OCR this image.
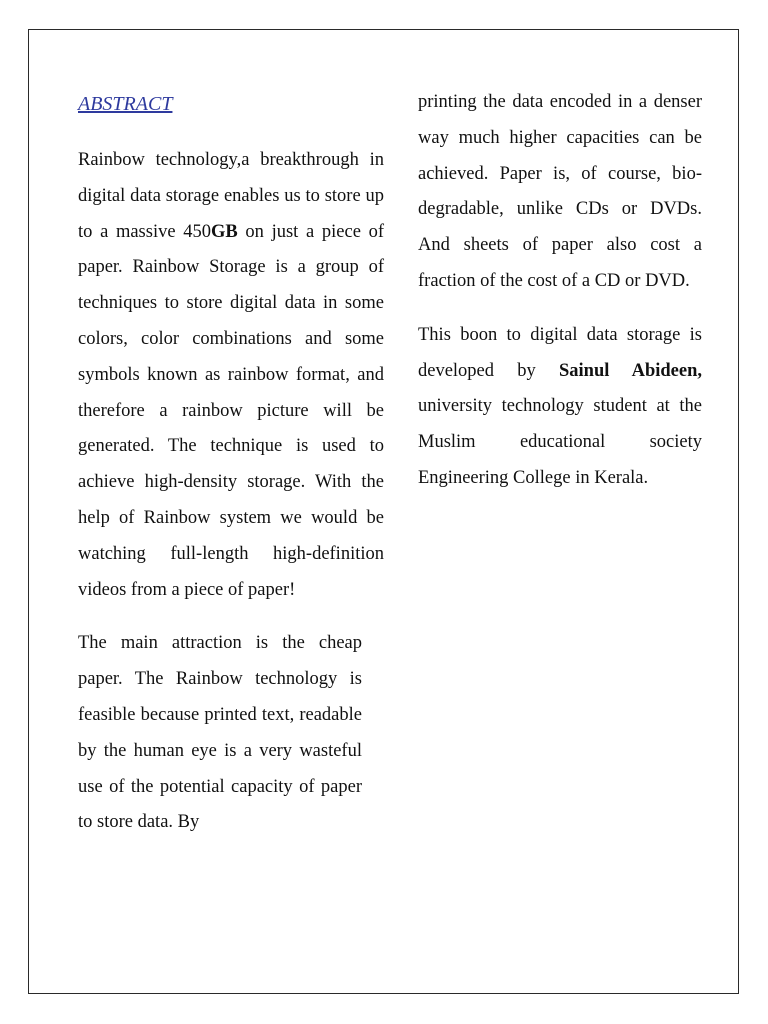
ABSTRACT

Rainbow technology,a breakthrough in digital data storage enables us to store up to a massive 450GB on just a piece of paper. Rainbow Storage is a group of techniques to store digital data in some colors, color combinations and some symbols known as rainbow format, and therefore a rainbow picture will be generated. The technique is used to achieve high-density storage. With the help of Rainbow system we would be watching full-length high-definition videos from a piece of paper!

The main attraction is the cheap paper. The Rainbow technology is feasible because printed text, readable by the human eye is a very wasteful use of the potential capacity of paper to store data. By

printing the data encoded in a denser way much higher capacities can be achieved. Paper is, of course, bio-degradable, unlike CDs or DVDs. And sheets of paper also cost a fraction of the cost of a CD or DVD.

This boon to digital data storage is developed by Sainul Abideen, university technology student at the Muslim educational society Engineering College in Kerala.
